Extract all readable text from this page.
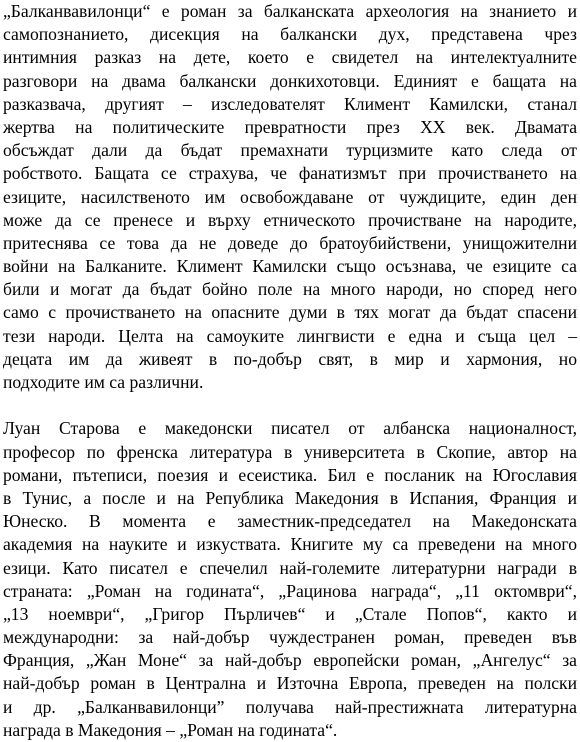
„Балканвавилонци“ е роман за балканската археология на знанието и
самопознанието, дисекция на балкански дух, представена чрез
интимния разказ на дете, което е свидетел на интелектуалните
разговори на двама балкански донкихотовци. Единият е бащата на
разказвача, другият – изследователят Климент Камилски, станал
жертва на политическите превратности през ХХ век. Двамата
обсъждат дали да бъдат премахнати турцизмите като следа от
робството. Бащата се страхува, че фанатизмът при прочистването на
езиците, насилственото им освобождаване от чуждиците, един ден
може да се пренесе и върху етническото прочистване на народите,
притеснява се това да не доведе до братоубийствени, унищожителни
войни на Балканите. Климент Камилски също осъзнава, че езиците са
били и могат да бъдат бойно поле на много народи, но според него
само с прочистването на опасните думи в тях могат да бъдат спасени
тези народи. Целта на самоуките лингвисти е една и съща цел –
децата им да живеят в по-добър свят, в мир и хармония, но
подходите им са различни.

Луан Старова е македонски писател от албанска националност,
професор по френска литература в университета в Скопие, автор на
романи, пътеписи, поезия и есеистика. Бил е посланик на Югославия
в Тунис, а после и на Република Македония в Испания, Франция и
Юнеско. В момента е заместник-председател на Македонската
академия на науките и изкуствата. Книгите му са преведени на много
езици. Като писател е спечелил най-големите литературни награди в
страната: „Роман на годината“, „Рациновa награда“, „11 октомври“,
„13 ноември“, „Григор Пърличев“ и „Стале Попов“, както и
международни: за най-добър чуждестранен роман, преведен във
Франция, „Жан Моне“ за най-добър европейски роман, „Ангелус“ за
най-добър роман в Централна и Източна Европа, преведен на полски
и др. „Балканвавилонци” получава най-престижната литературна
награда в Македония – „Роман на годината“.
